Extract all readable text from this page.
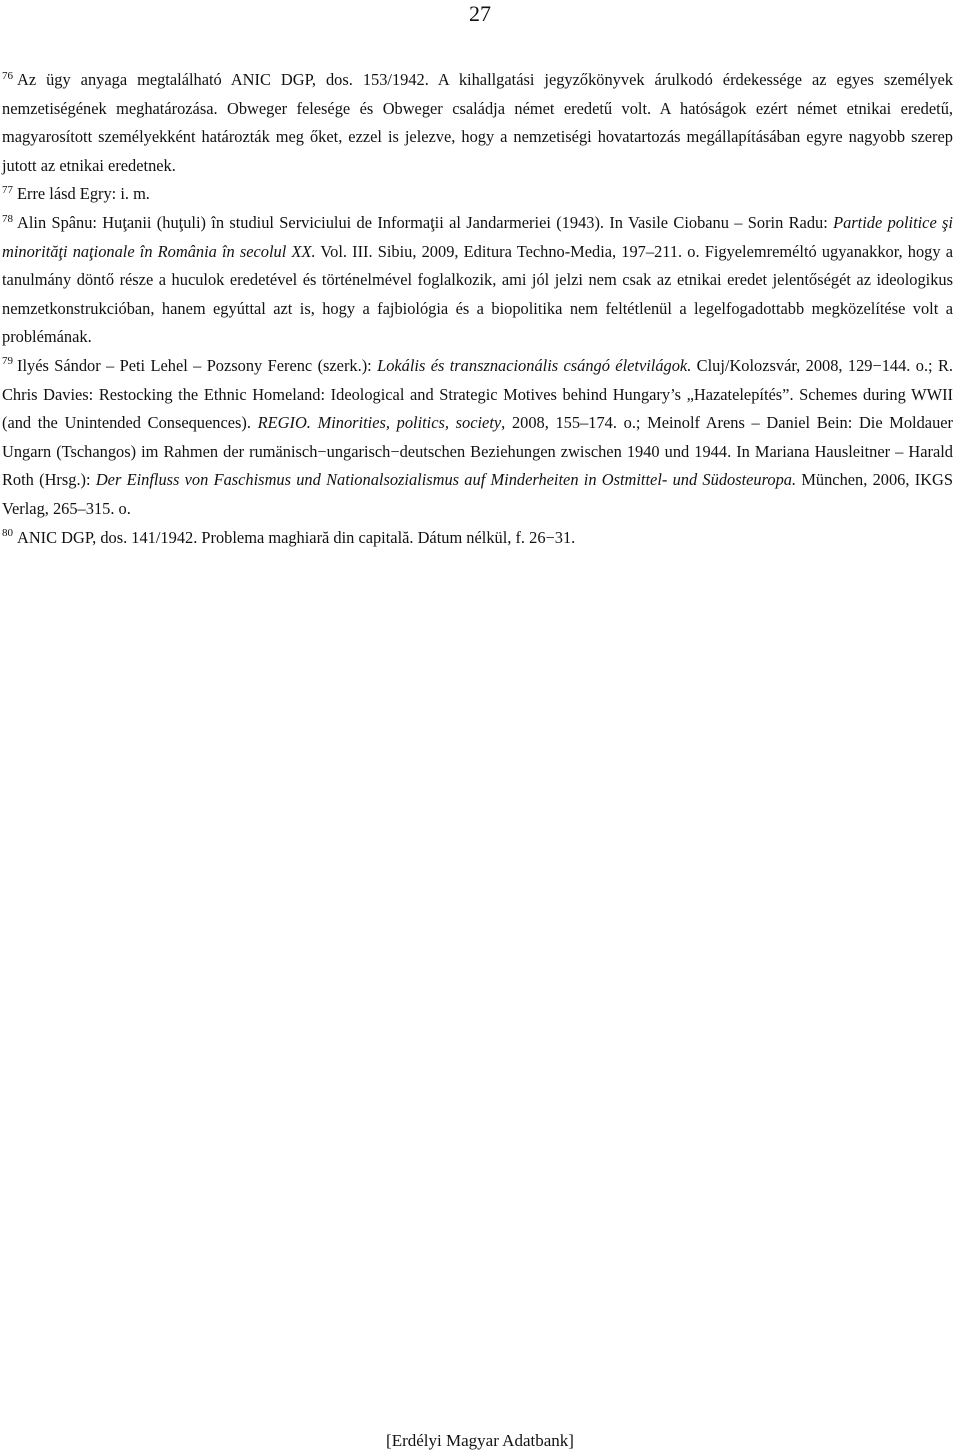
27

$^{76}$ Az ügy anyaga megtalálható ANIC DGP, dos. 153/1942. A kihallgatási jegyzőkönyvek árulkodó érdekessége az egyes személyek nemzetiségének meghatározása. Obweger felesége és Obweger családja német eredetű volt. A hatóságok ezért német etnikai eredetű, magyarosított személyekként határozták meg őket, ezzel is jelezve, hogy a nemzetiségi hovatartozás megállapításában egyre nagyobb szerep jutott az etnikai eredetnek.

$^{77}$ Erre lásd Egry: i. m.

$^{78}$ Alin Spânu: Huţanii (huţuli) în studiul Serviciului de Informaţii al Jandarmeriei (1943). In Vasile Ciobanu – Sorin Radu: Partide politice şi minorităţi naţionale în România în secolul XX. Vol. III. Sibiu, 2009, Editura Techno-Media, 197–211. o. Figyelemreméltó ugyanakkor, hogy a tanulmány döntő része a huculok eredetével és történelmével foglalkozik, ami jól jelzi nem csak az etnikai eredet jelentőségét az ideologikus nemzetkonstrukcióban, hanem egyúttal azt is, hogy a fajbiológia és a biopolitika nem feltétlenül a legelfogadottabb megközelítése volt a problémának.

$^{79}$ Ilyés Sándor – Peti Lehel – Pozsony Ferenc (szerk.): Lokális és transznacionális csángó életvilágok. Cluj/Kolozsvár, 2008, 129−144. o.; R. Chris Davies: Restocking the Ethnic Homeland: Ideological and Strategic Motives behind Hungary’s „Hazatelepítés”. Schemes during WWII (and the Unintended Consequences). REGIO. Minorities, politics, society, 2008, 155–174. o.; Meinolf Arens – Daniel Bein: Die Moldauer Ungarn (Tschangos) im Rahmen der rumänisch−ungarisch−deutschen Beziehungen zwischen 1940 und 1944. In Mariana Hausleitner – Harald Roth (Hrsg.): Der Einfluss von Faschismus und Nationalsozialismus auf Minderheiten in Ostmittel- und Südosteuropa. München, 2006, IKGS Verlag, 265–315. o.

$^{80}$ ANIC DGP, dos. 141/1942. Problema maghiară din capitală. Dátum nélkül, f. 26−31.

[Erdélyi Magyar Adatbank]
